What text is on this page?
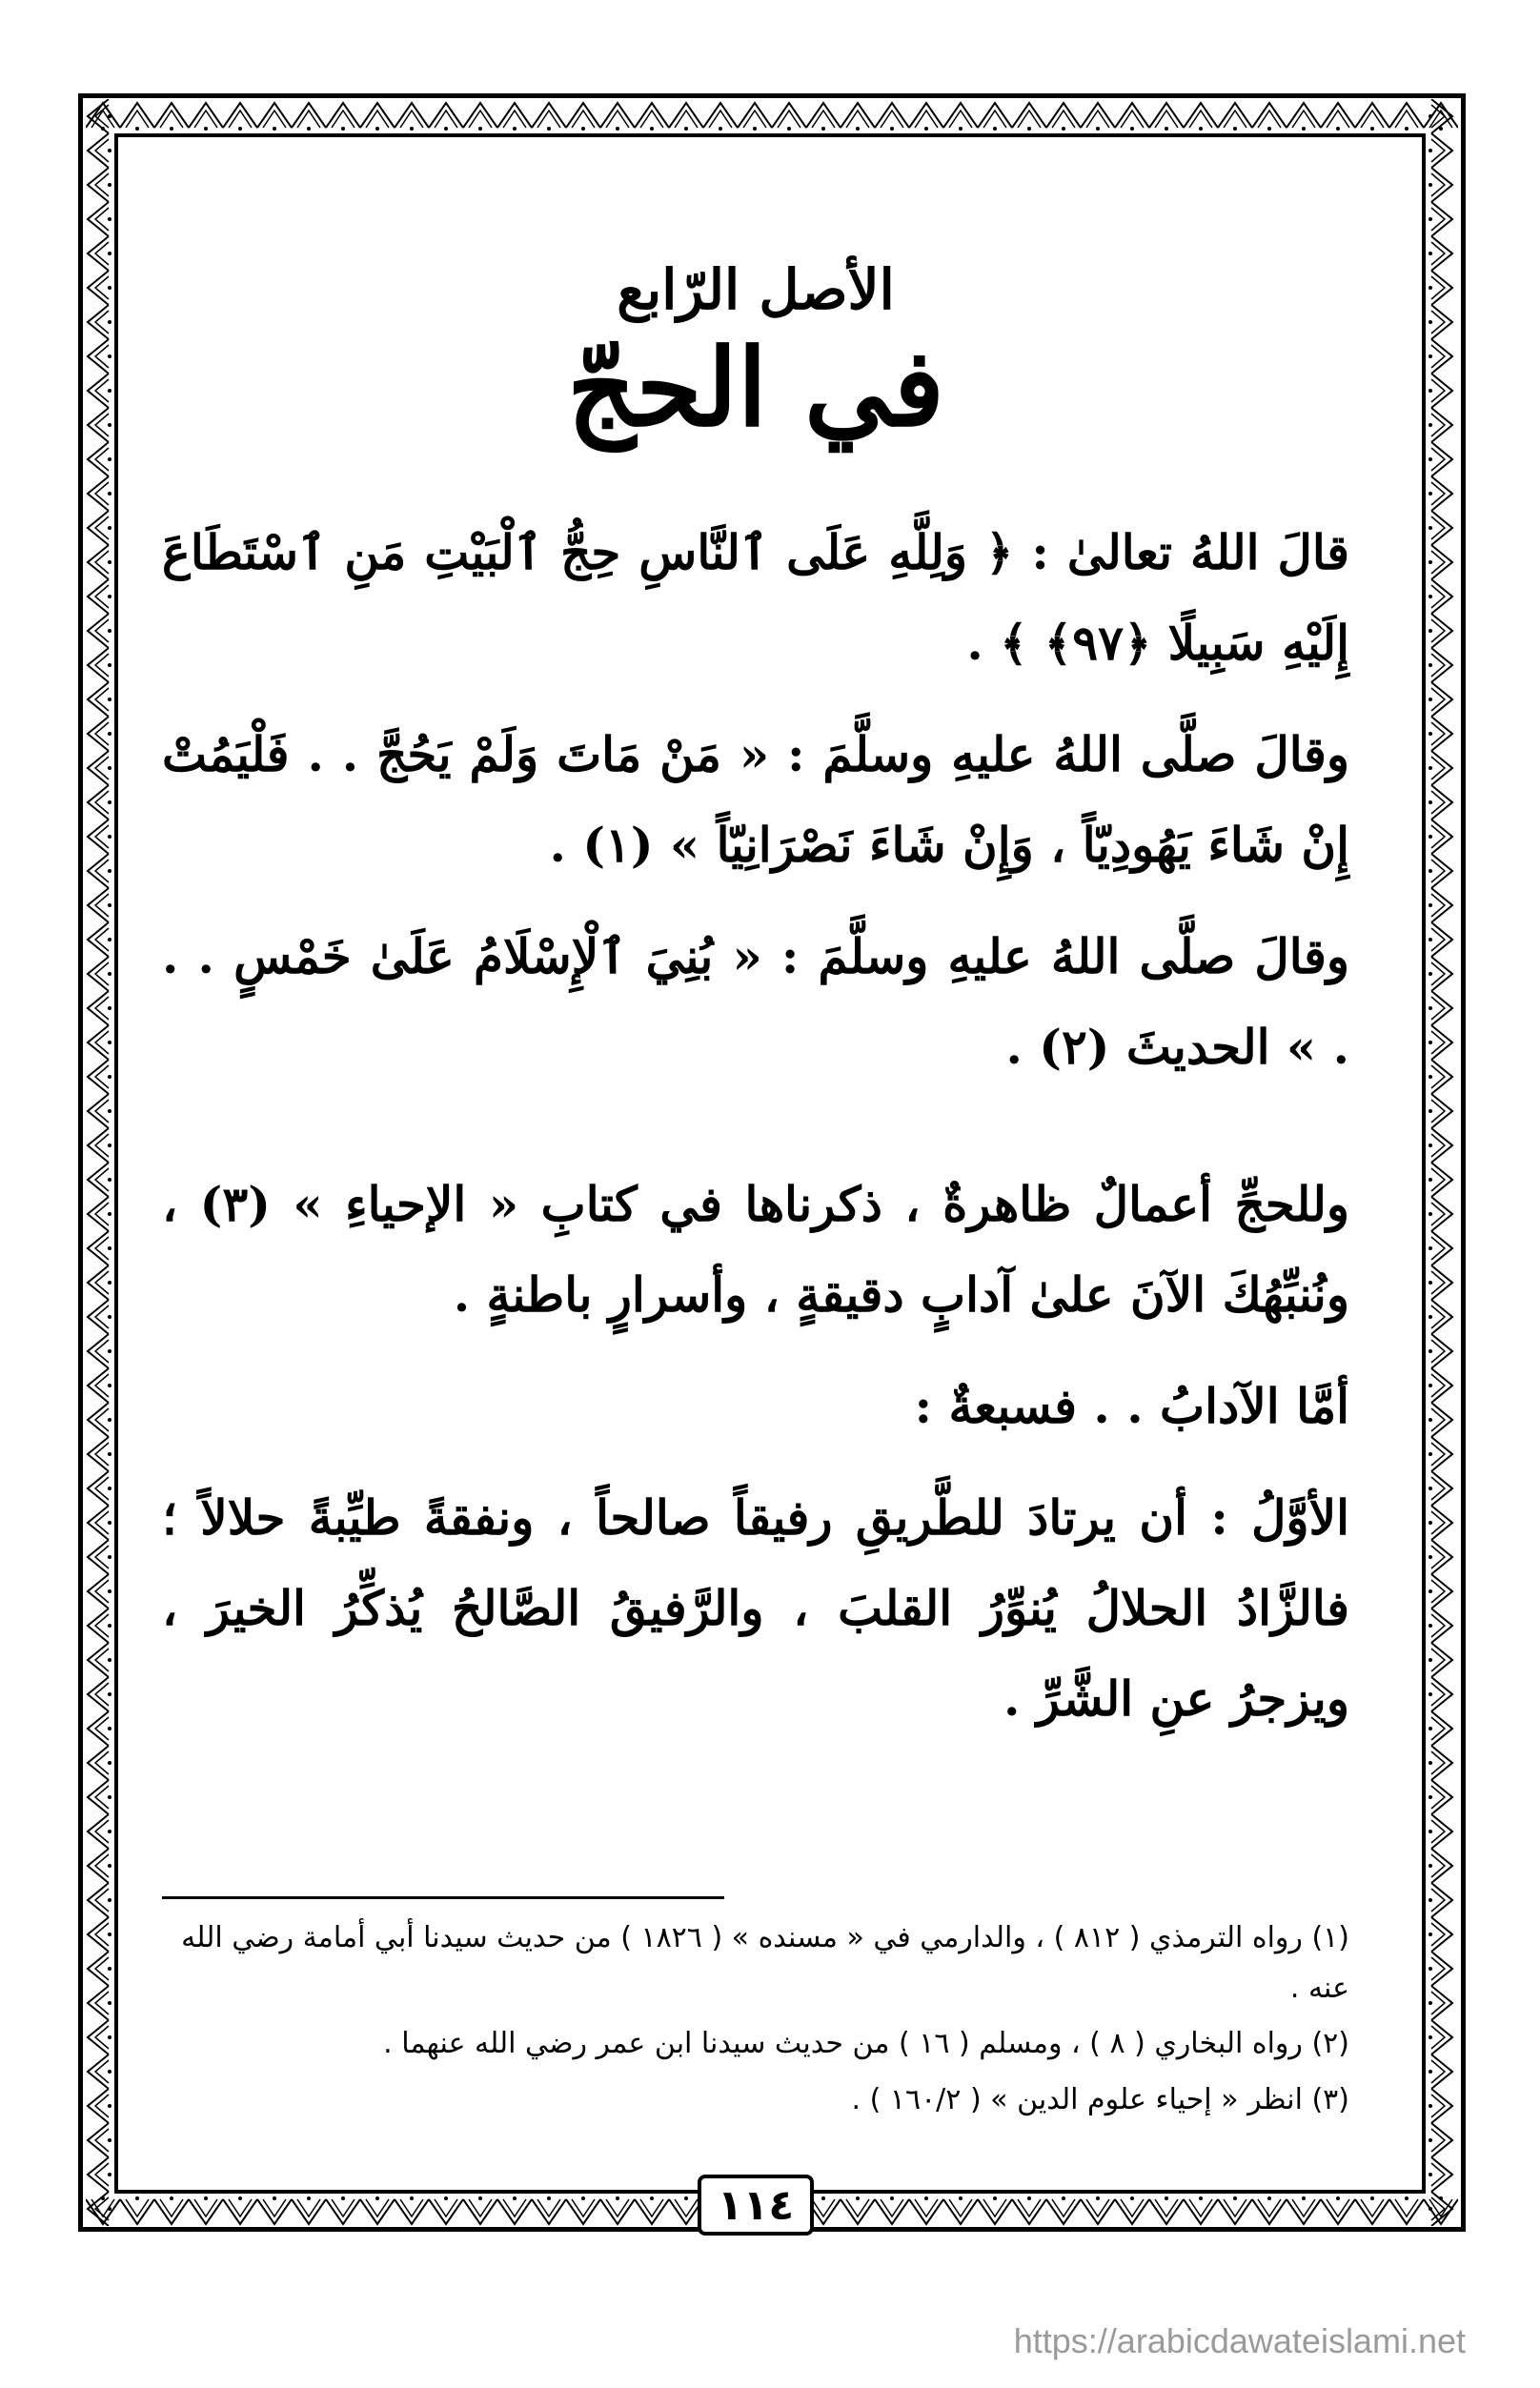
الأصل الرّابع

في الحجّ

قالَ اللهُ تعالىٰ : ﴿ وَلِلَّهِ عَلَى ٱلنَّاسِ حِجُّ ٱلْبَيْتِ مَنِ ٱسْتَطَاعَ إِلَيْهِ سَبِيلًا ﴿٩٧﴾ ﴾ .

وقالَ صلَّى اللهُ عليهِ وسلَّمَ : « مَنْ مَاتَ وَلَمْ يَحُجَّ . . فَلْيَمُتْ إِنْ شَاءَ يَهُودِيّاً ، وَإِنْ شَاءَ نَصْرَانِيّاً » (١) .

وقالَ صلَّى اللهُ عليهِ وسلَّمَ : « بُنِيَ ٱلْإِسْلَامُ عَلَىٰ خَمْسٍ . . . » الحديثَ (٢) .

وللحجِّ أعمالٌ ظاهرةٌ ، ذكرناها في كتابِ « الإحياءِ » (٣) ، ونُنبِّهُكَ الآنَ علىٰ آدابٍ دقيقةٍ ، وأسرارٍ باطنةٍ .

أمَّا الآدابُ . . فسبعةٌ :

الأوَّلُ : أن يرتادَ للطَّريقِ رفيقاً صالحاً ، ونفقةً طيِّبةً حلالاً ؛ فالزَّادُ الحلالُ يُنوِّرُ القلبَ ، والرَّفيقُ الصَّالحُ يُذكِّرُ الخيرَ ، ويزجرُ عنِ الشَّرِّ .

(١) رواه الترمذي ( ٨١٢ ) ، والدارمي في « مسنده » ( ١٨٢٦ ) من حديث سيدنا أبي أمامة رضي الله عنه .

(٢) رواه البخاري ( ٨ ) ، ومسلم ( ١٦ ) من حديث سيدنا ابن عمر رضي الله عنهما .

(٣) انظر « إحياء علوم الدين » ( ١٦٠/٢ ) .

١١٤
https://arabicdawateislami.net
